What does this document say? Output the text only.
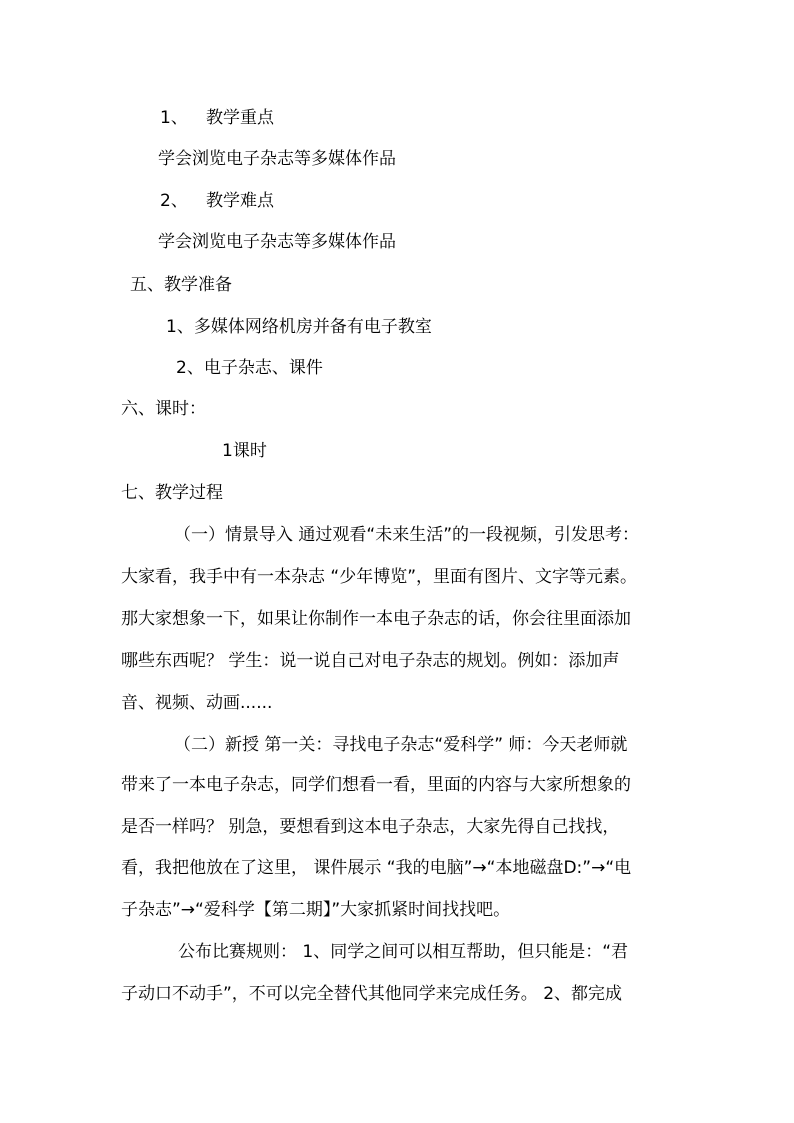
1、 教学重点
学会浏览电子杂志等多媒体作品
2、 教学难点
学会浏览电子杂志等多媒体作品
五、教学准备
1、多媒体网络机房并备有电子教室
2、电子杂志、课件
六、课时：
1课时
七、教学过程
（一）情景导入 通过观看“未来生活”的一段视频，引发思考：
大家看，我手中有一本杂志 “少年博览”，里面有图片、文字等元素。
那大家想象一下，如果让你制作一本电子杂志的话，你会往里面添加
哪些东西呢？ 学生：说一说自己对电子杂志的规划。例如：添加声
音、视频、动画......
（二）新授 第一关：寻找电子杂志“爱科学” 师：今天老师就
带来了一本电子杂志，同学们想看一看，里面的内容与大家所想象的
是否一样吗？ 别急，要想看到这本电子杂志，大家先得自己找找，
看，我把他放在了这里， 课件展示 “我的电脑”→“本地磁盘D:”→“电
子杂志”→“爱科学【第二期】”大家抓紧时间找找吧。
公布比赛规则： 1、同学之间可以相互帮助，但只能是：“君
子动口不动手”，不可以完全替代其他同学来完成任务。 2、都完成
